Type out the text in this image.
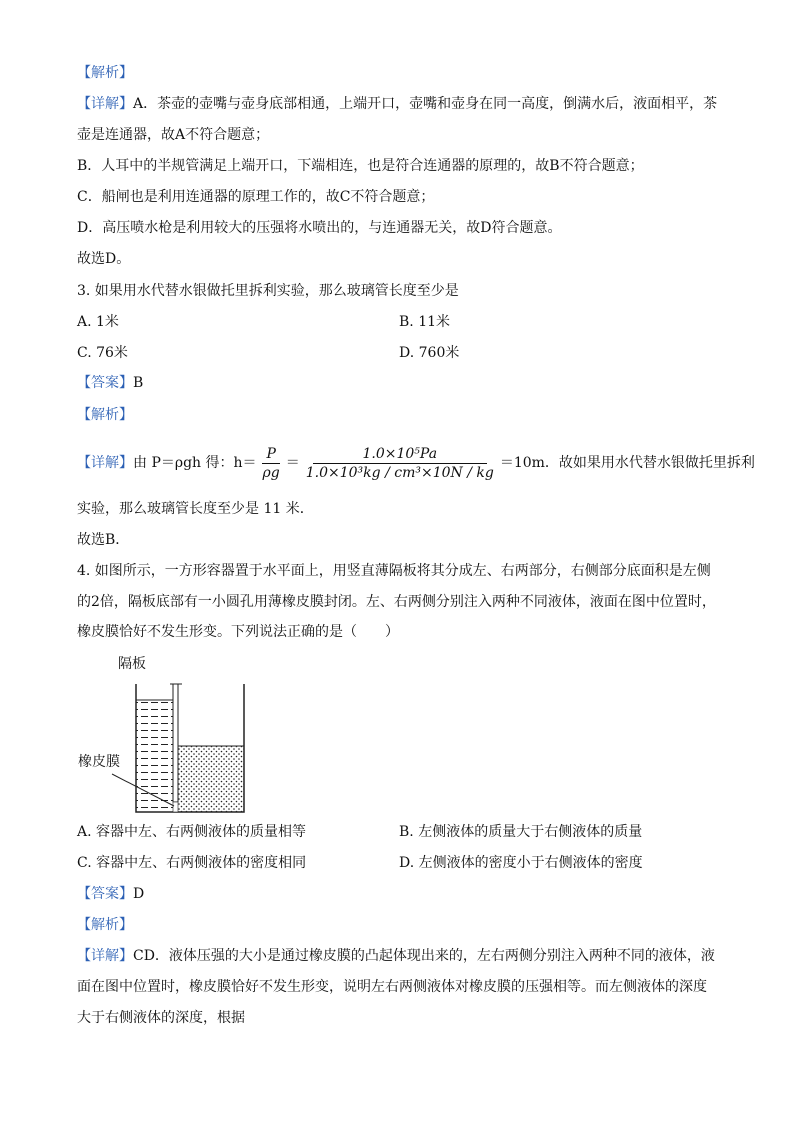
【解析】
【详解】A．茶壶的壶嘴与壶身底部相通，上端开口，壶嘴和壶身在同一高度，倒满水后，液面相平，茶
壶是连通器，故A不符合题意；
B．人耳中的半规管满足上端开口，下端相连，也是符合连通器的原理的，故B不符合题意；
C．船闸也是利用连通器的原理工作的，故C不符合题意；
D．高压喷水枪是利用较大的压强将水喷出的，与连通器无关，故D符合题意。
故选D。
3. 如果用水代替水银做托里拆利实验，那么玻璃管长度至少是
A. 1米	B. 11米
C. 76米	D. 760米
【答案】B
【解析】
【详解】 由 P＝ρgh 得：$h= \frac{P}{\rho g} = \frac{\text{1.0×10⁵Pa}}{\text{1.0×10³kg / cm³×10N / kg}} =10m$．故如果用水代替水银做托里拆利
实验，那么玻璃管长度至少是 11 米．
故选B．
4. 如图所示，一方形容器置于水平面上，用竖直薄隔板将其分成左、右两部分，右侧部分底面积是左侧
的2倍，隔板底部有一小圆孔用薄橡皮膜封闭。左、右两侧分别注入两种不同液体，液面在图中位置时，
橡皮膜恰好不发生形变。下列说法正确的是（　　）
隔板
橡皮膜
A. 容器中左、右两侧液体的质量相等	B. 左侧液体的质量大于右侧液体的质量
C. 容器中左、右两侧液体的密度相同	D. 左侧液体的密度小于右侧液体的密度
【答案】D
【解析】
【详解】CD．液体压强的大小是通过橡皮膜的凸起体现出来的，左右两侧分别注入两种不同的液体，液
面在图中位置时，橡皮膜恰好不发生形变，说明左右两侧液体对橡皮膜的压强相等。而左侧液体的深度
大于右侧液体的深度，根据
